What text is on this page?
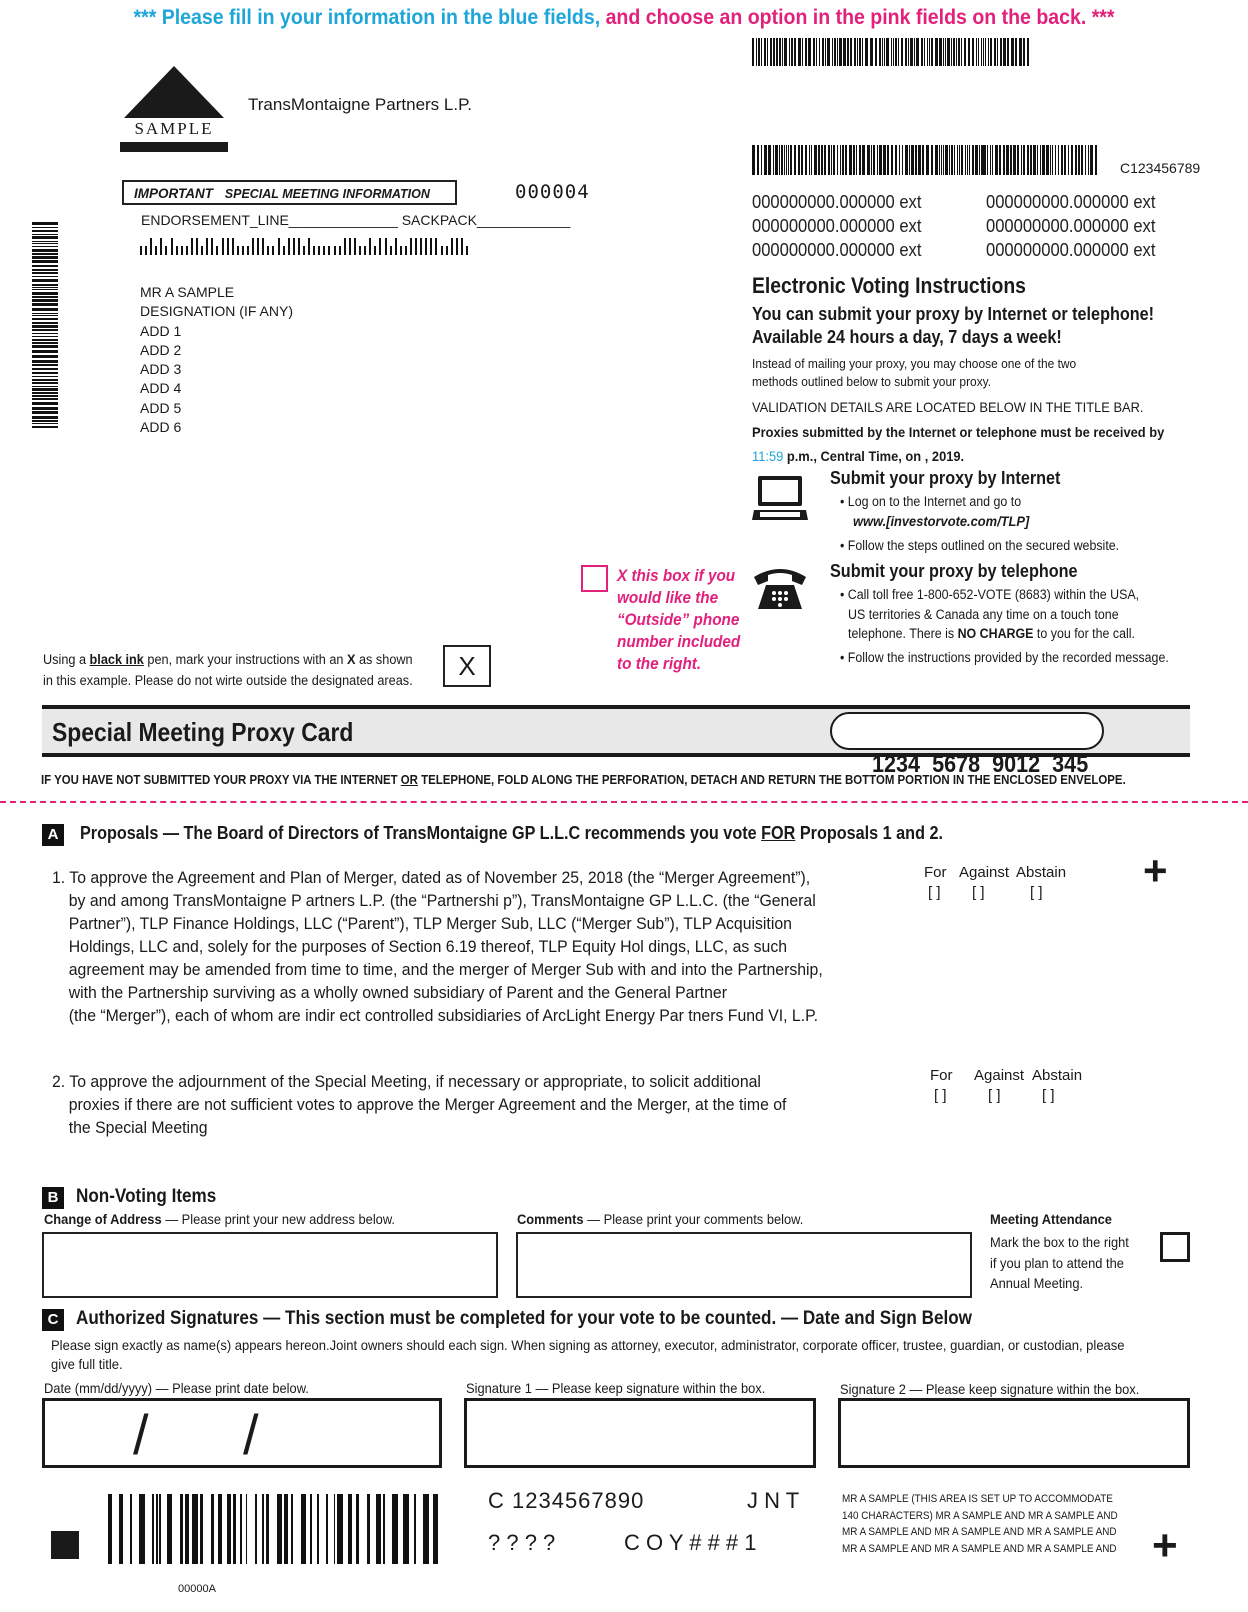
*** Please fill in your information in the blue fields, and choose an option in the pink fields on the back. ***
SAMPLE
TransMontaigne Partners L.P.
C123456789
IMPORTANT SPECIAL MEETING INFORMATION	000004
ENDORSEMENT_LINE______________ SACKPACK____________
MR A SAMPLE
DESIGNATION (IF ANY)
ADD 1
ADD 2
ADD 3
ADD 4
ADD 5
ADD 6
000000000.000000 ext	000000000.000000 ext
000000000.000000 ext	000000000.000000 ext
000000000.000000 ext	000000000.000000 ext
Electronic Voting Instructions
You can submit your proxy by Internet or telephone!
Available 24 hours a day, 7 days a week!
Instead of mailing your proxy, you may choose one of the two methods outlined below to submit your proxy.
VALIDATION DETAILS ARE LOCATED BELOW IN THE TITLE BAR.
Proxies submitted by the Internet or telephone must be received by
11:59 p.m., Central Time, on , 2019.
Submit your proxy by Internet
• Log on to the Internet and go to
www.[investorvote.com/TLP]
• Follow the steps outlined on the secured website.
Submit your proxy by telephone
• Call toll free 1-800-652-VOTE (8683) within the USA,
US territories & Canada any time on a touch tone
telephone. There is NO CHARGE to you for the call.
• Follow the instructions provided by the recorded message.
X this box if you
would like the
“Outside” phone
number included
to the right.
Using a black ink pen, mark your instructions with an X as shown
in this example. Please do not wirte outside the designated areas.	X
Special Meeting Proxy Card

1234  5678  9012  345

IF YOU HAVE NOT SUBMITTED YOUR PROXY VIA THE INTERNET OR TELEPHONE, FOLD ALONG THE PERFORATION, DETACH AND RETURN THE BOTTOM PORTION IN THE ENCLOSED ENVELOPE.
A Proposals — The Board of Directors of TransMontaigne GP L.L.C recommends you vote FOR Proposals 1 and 2.
1. To approve the Agreement and Plan of Merger, dated as of November 25, 2018 (the “Merger Agreement”),
by and among TransMontaigne P artners L.P. (the “Partnershi p”), TransMontaigne GP L.L.C. (the “General
Partner”), TLP Finance Holdings, LLC (“Parent”), TLP Merger Sub, LLC (“Merger Sub”), TLP Acquisition
Holdings, LLC and, solely for the purposes of Section 6.19 thereof, TLP Equity Hol dings, LLC, as such
agreement may be amended from time to time, and the merger of Merger Sub with and into the Partnership,
with the Partnership surviving as a wholly owned subsidiary of Parent and the General Partner
(the “Merger”), each of whom are indir ect controlled subsidiaries of ArcLight Energy Par tners Fund VI, L.P.
2. To approve the adjournment of the Special Meeting, if necessary or appropriate, to solicit additional
proxies if there are not sufficient votes to approve the Merger Agreement and the Merger, at the time of
the Special Meeting
For Against Abstain
[ ] [ ]	[ ] +
For Against Abstain
[ ]	[ ]	[ ]
B Non-Voting Items
Change of Address — Please print your new address below.	Comments — Please print your comments below.	Meeting Attendance
Mark the box to the right
if you plan to attend the
Annual Meeting.
C Authorized Signatures — This section must be completed for your vote to be counted. — Date and Sign Below
Please sign exactly as name(s) appears hereon.Joint owners should each sign. When signing as attorney, executor, administrator, corporate officer, trustee, guardian, or custodian, please
give full title.
Date (mm/dd/yyyy) — Please print date below.	Signature 1 — Please keep signature within the box.	Signature 2 — Please keep signature within the box.
/ /
00000A
C 1234567890	J N T
? ? ? ?	C O Y # # # 1
MR A SAMPLE (THIS AREA IS SET UP TO ACCOMMODATE
140 CHARACTERS) MR A SAMPLE AND MR A SAMPLE AND
MR A SAMPLE AND MR A SAMPLE AND MR A SAMPLE AND
MR A SAMPLE AND MR A SAMPLE AND MR A SAMPLE AND +
